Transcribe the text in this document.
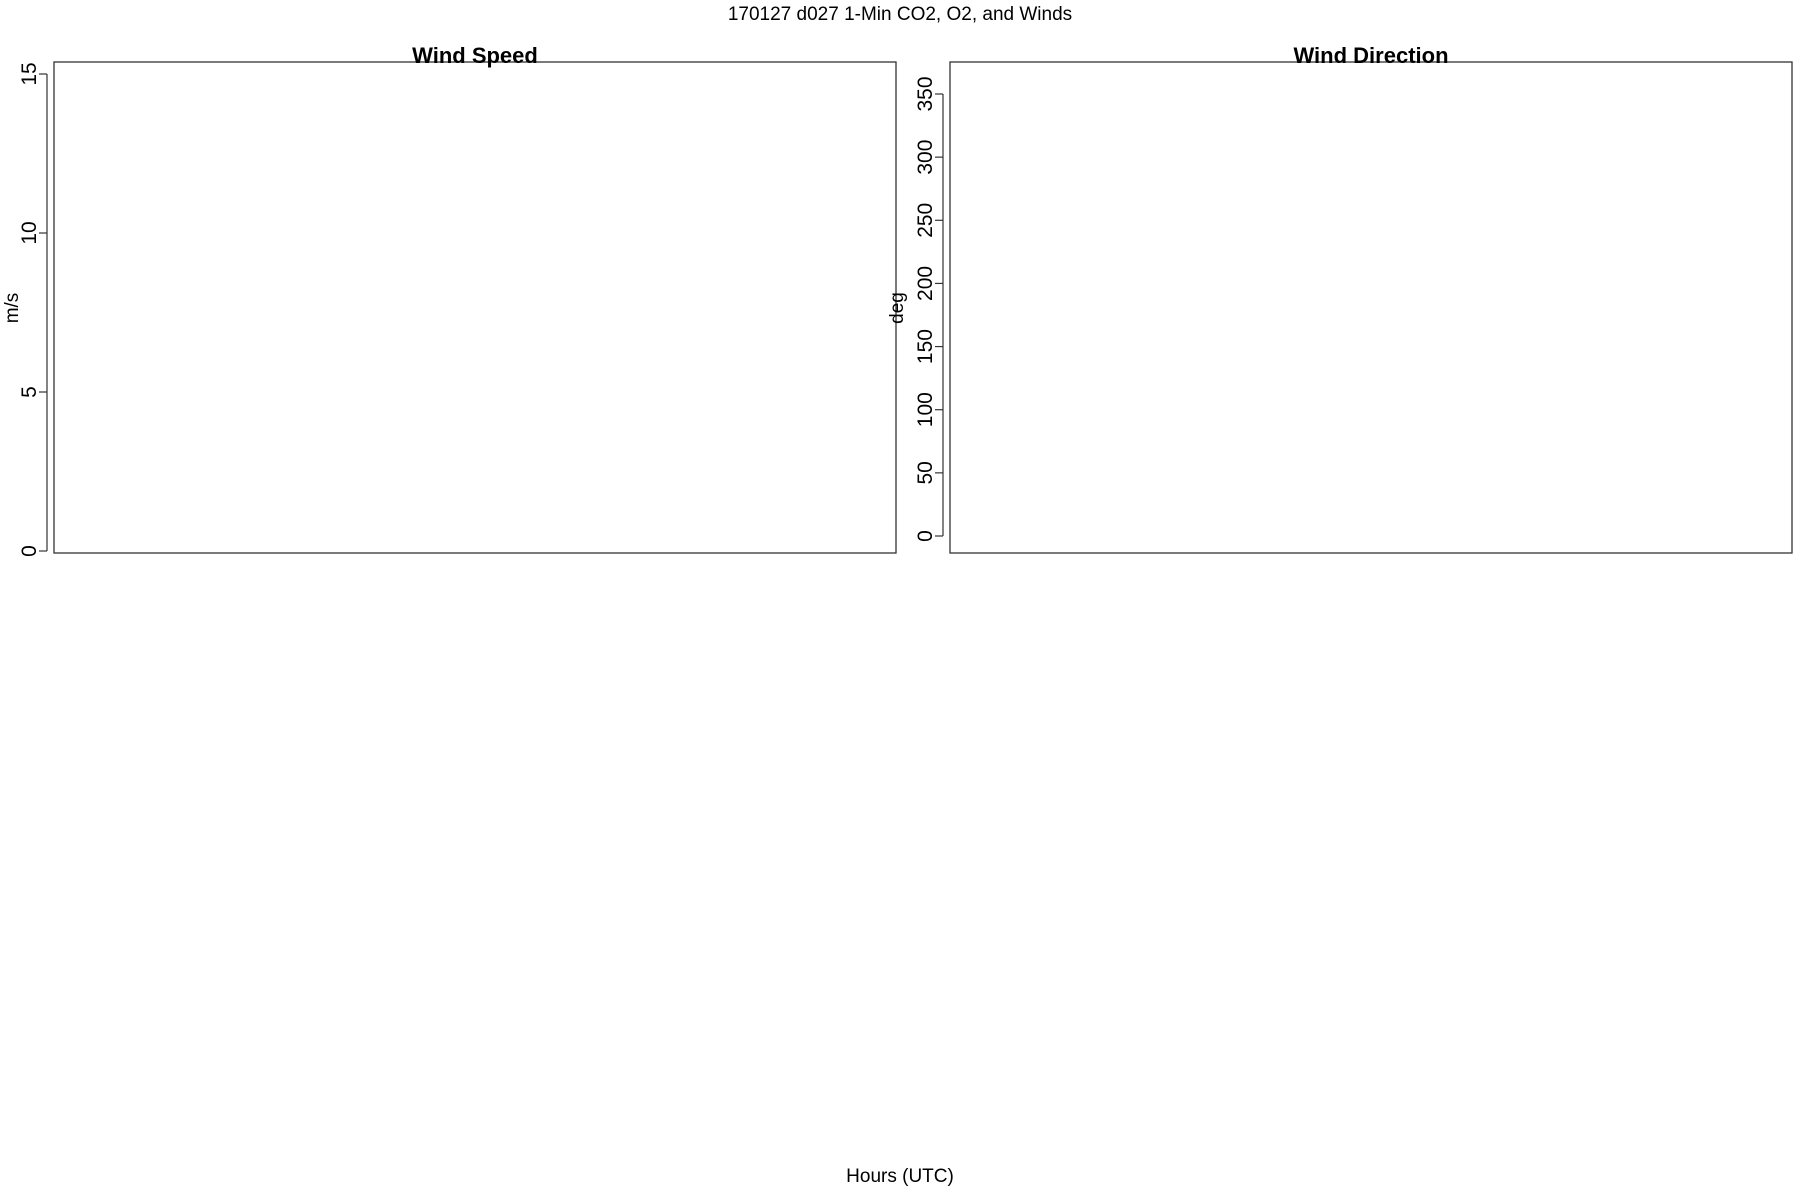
170127 d027 1-Min CO2, O2, and Winds
Wind Speed
m/s
0
5
10
15
Wind Direction
deg
0
50
100
150
200
250
300
350
Hours (UTC)
